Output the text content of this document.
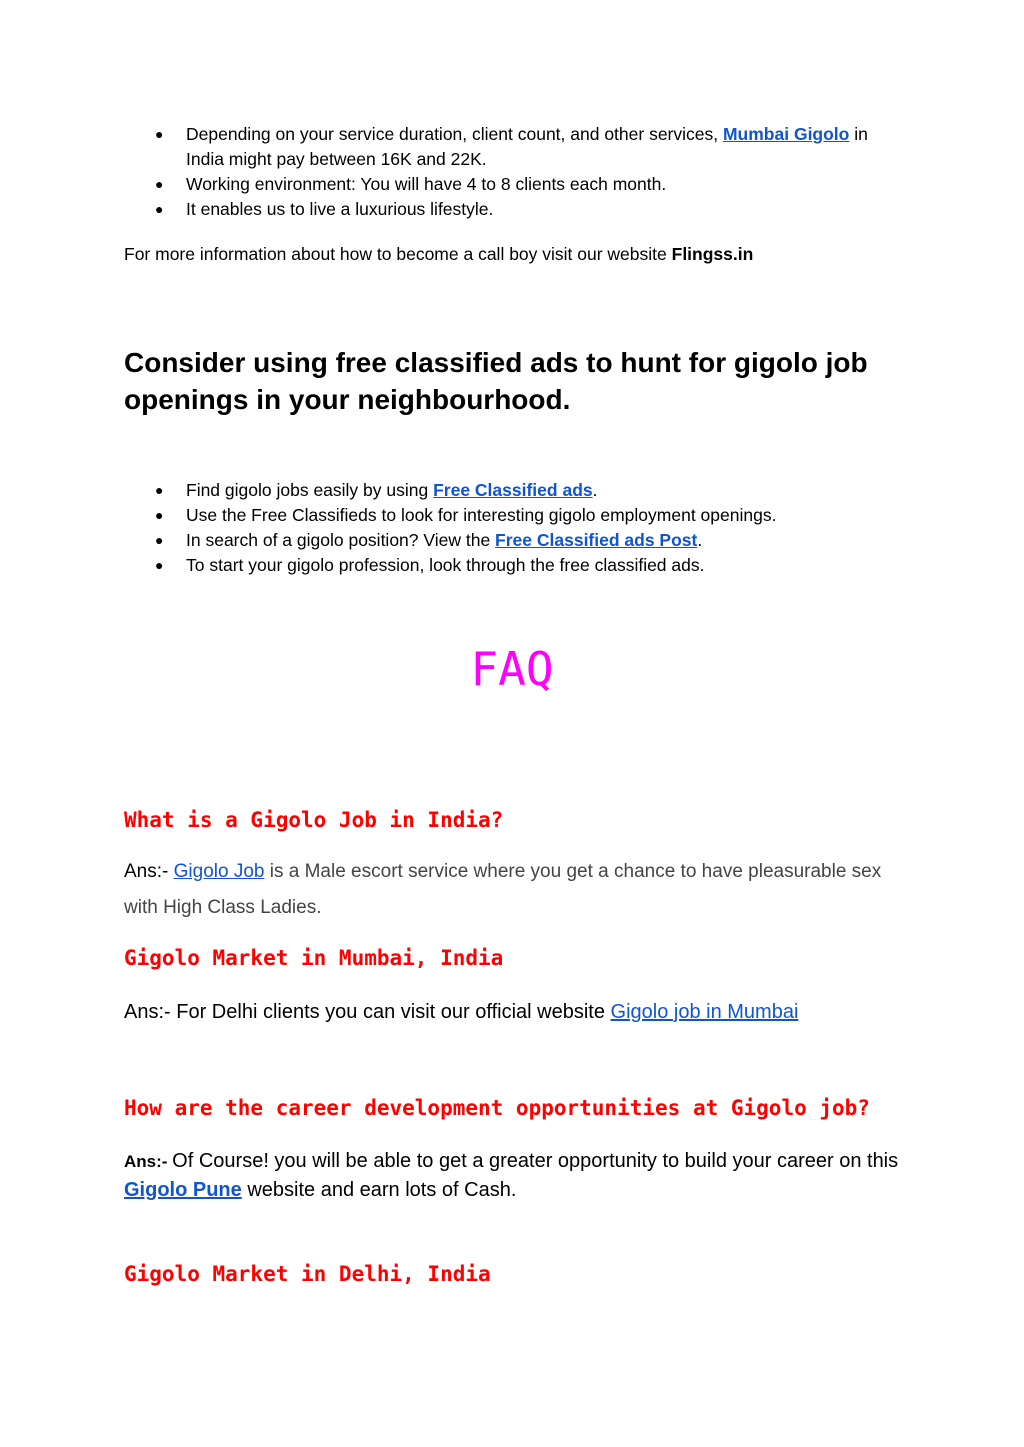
● Depending on your service duration, client count, and other services, Mumbai Gigolo in India might pay between 16K and 22K.
● Working environment: You will have 4 to 8 clients each month.
● It enables us to live a luxurious lifestyle.
For more information about how to become a call boy visit our website Flingss.in
Consider using free classified ads to hunt for gigolo job openings in your neighbourhood.
● Find gigolo jobs easily by using Free Classified ads.
● Use the Free Classifieds to look for interesting gigolo employment openings.
● In search of a gigolo position? View the Free Classified ads Post.
● To start your gigolo profession, look through the free classified ads.
FAQ
What is a Gigolo Job in India?
Ans:- Gigolo Job is a Male escort service where you get a chance to have pleasurable sex with High Class Ladies.
Gigolo Market in Mumbai, India
Ans:- For Delhi clients you can visit our official website Gigolo job in Mumbai
How are the career development opportunities at Gigolo job?
Ans:- Of Course! you will be able to get a greater opportunity to build your career on this Gigolo Pune website and earn lots of Cash.
Gigolo Market in Delhi, India
